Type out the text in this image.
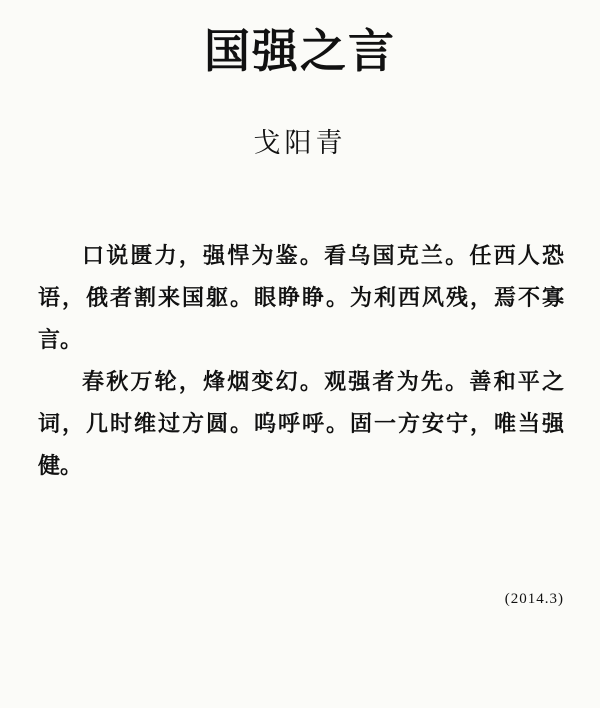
国强之言
戈阳青

口说匮力，强悍为鉴。看乌国克兰。任西人恐语，俄者割来国躯。眼睁睁。为利西风残，焉不寡言。

春秋万轮，烽烟变幻。观强者为先。善和平之词，几时维过方圆。呜呼呼。固一方安宁，唯当强健。

(2014.3)
